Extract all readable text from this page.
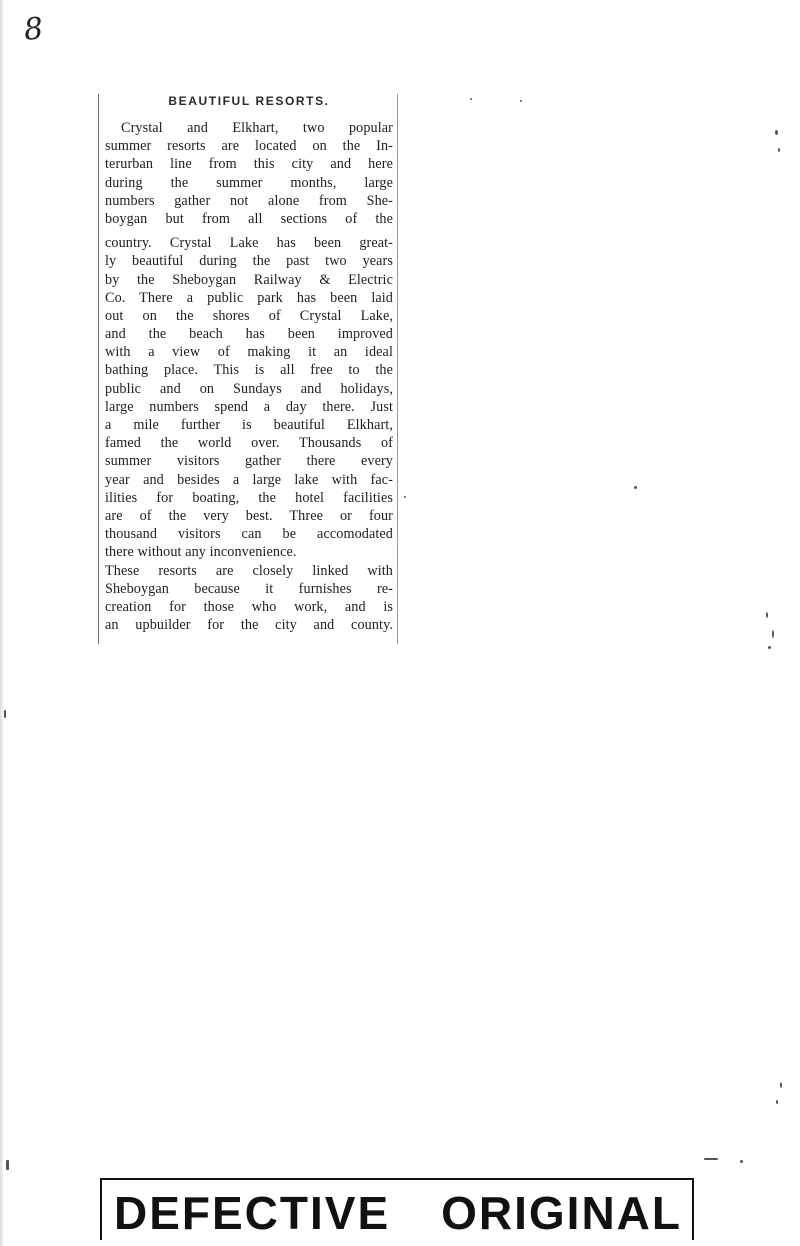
8
BEAUTIFUL RESORTS.
Crystal and Elkhart, two popular
summer resorts are located on the In-
terurban line from this city and here
during the summer months, large
numbers gather not alone from She-
boygan but from all sections of the
country. Crystal Lake has been great-
ly beautiful during the past two years
by the Sheboygan Railway & Electric
Co. There a public park has been laid
out on the shores of Crystal Lake,
and the beach has been improved
with a view of making it an ideal
bathing place. This is all free to the
public and on Sundays and holidays,
large numbers spend a day there. Just
a mile further is beautiful Elkhart,
famed the world over. Thousands of
summer visitors gather there every
year and besides a large lake with fac-
ilities for boating, the hotel facilities
are of the very best. Three or four
thousand visitors can be accomodated
there without any inconvenience.
These resorts are closely linked with
Sheboygan because it furnishes re-
creation for those who work, and is
an upbuilder for the city and county.
DEFECTIVE ORIGINAL
